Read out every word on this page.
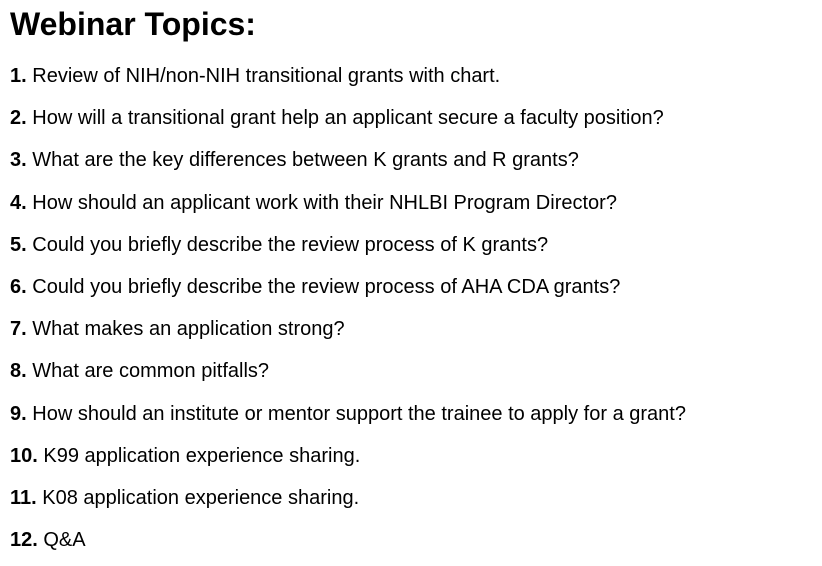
Webinar Topics:
1. Review of NIH/non-NIH transitional grants with chart.
2. How will a transitional grant help an applicant secure a faculty position?
3. What are the key differences between K grants and R grants?
4. How should an applicant work with their NHLBI Program Director?
5. Could you briefly describe the review process of K grants?
6. Could you briefly describe the review process of AHA CDA grants?
7. What makes an application strong?
8. What are common pitfalls?
9. How should an institute or mentor support the trainee to apply for a grant?
10. K99 application experience sharing.
11. K08 application experience sharing.
12. Q&A
